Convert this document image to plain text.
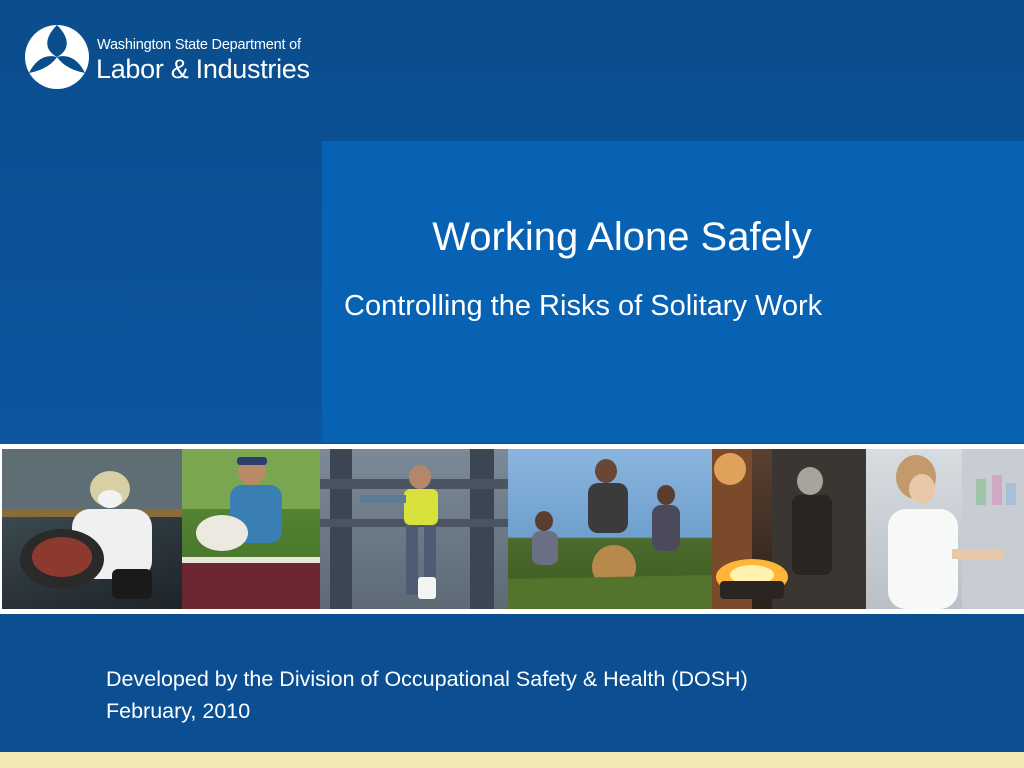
Washington State Department of
Labor & Industries
Working Alone Safely
Controlling the Risks of Solitary Work
Developed by the Division of Occupational Safety & Health (DOSH)
February, 2010
